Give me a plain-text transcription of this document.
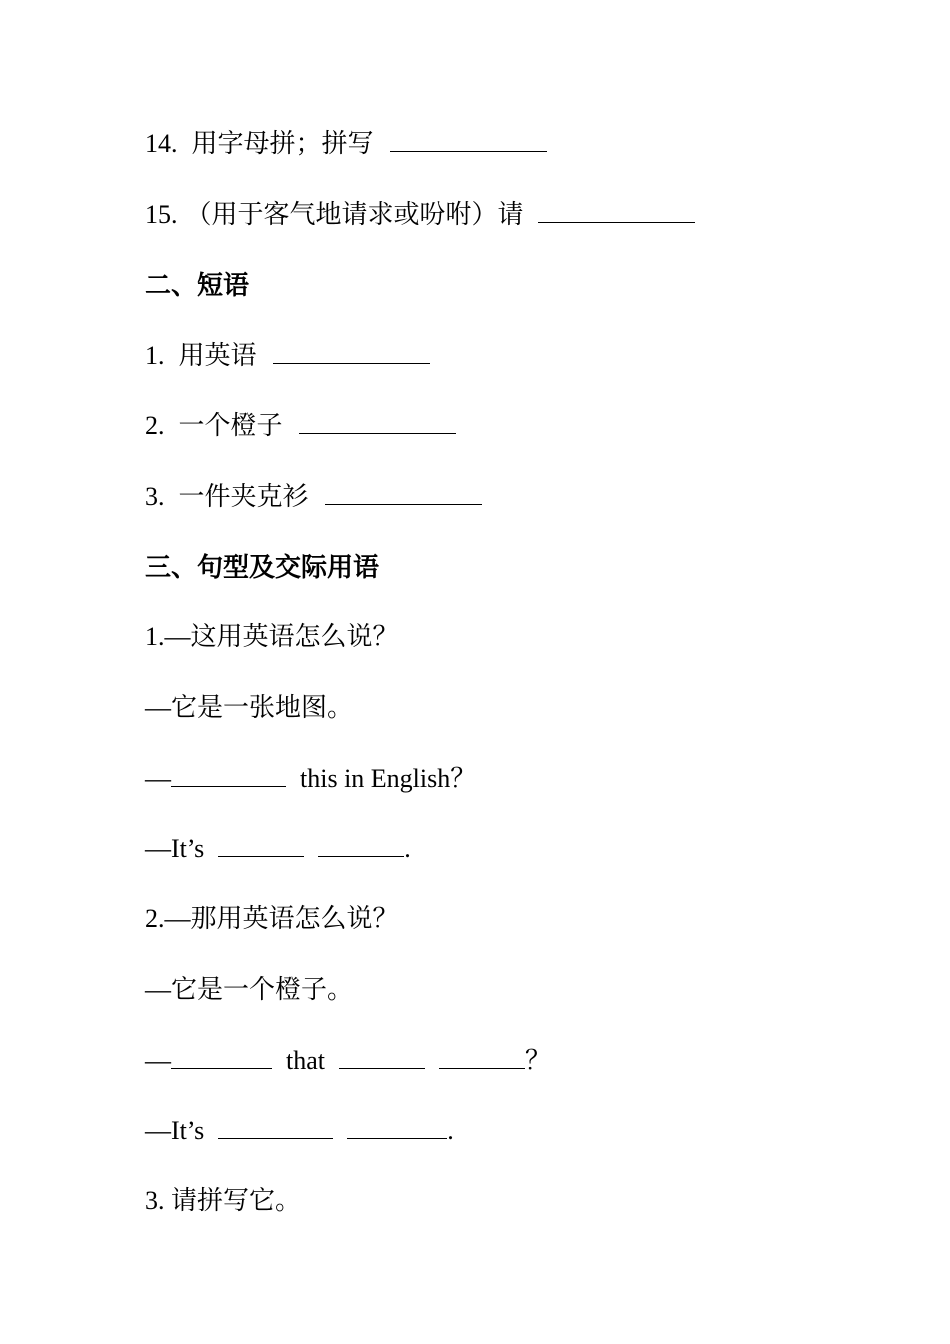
14. 用字母拼；拼写
15. （用于客气地请求或吩咐）请
二、短语
1. 用英语
2. 一个橙子
3. 一件夹克衫
三、句型及交际用语
1.—这用英语怎么说？
—它是一张地图。
—	this in English？
—It’s	.
2.—那用英语怎么说？
—它是一个橙子。
—	that	？
—It’s	.
3. 请拼写它。
